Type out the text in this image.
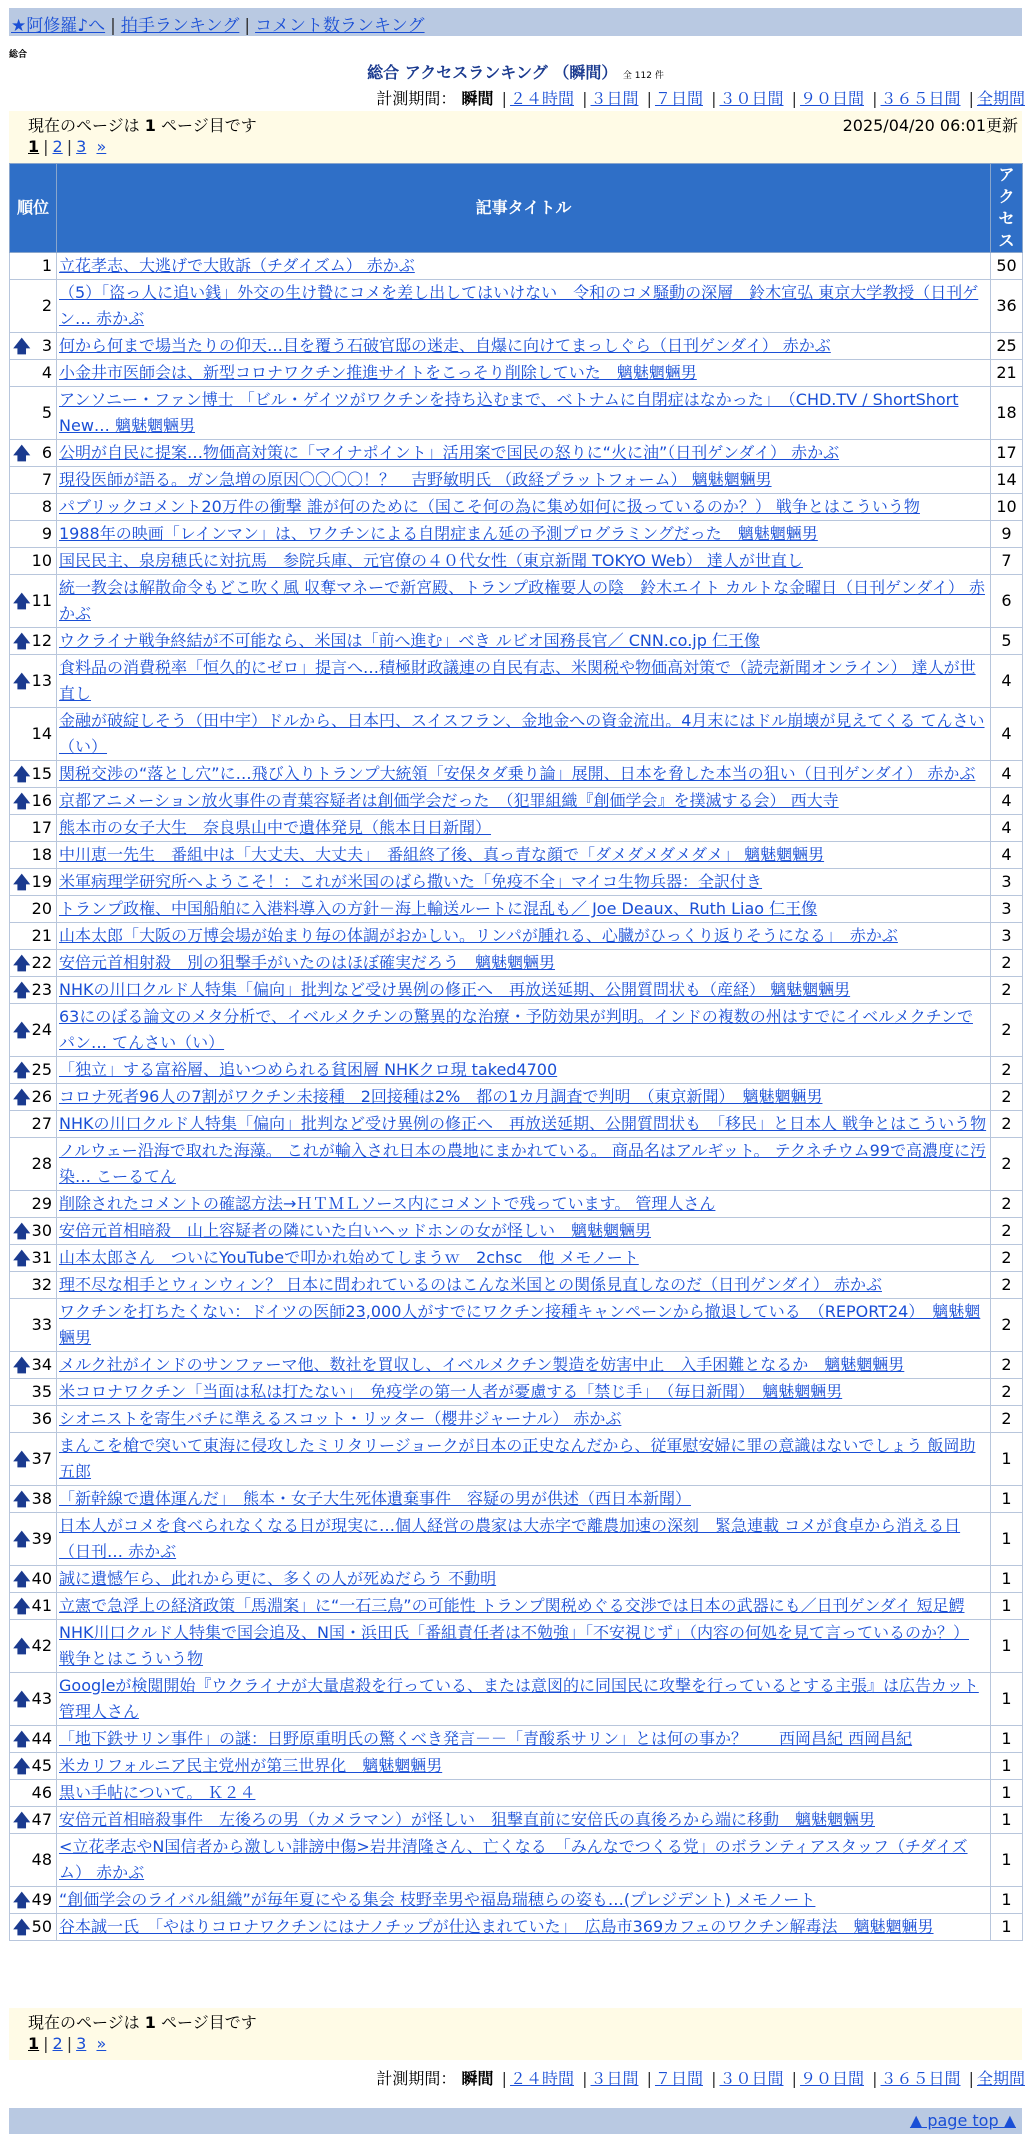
★阿修羅♪へ | 拍手ランキング | コメント数ランキング
総合
総合 アクセスランキング （瞬間） 全 112 件
計測期間： 瞬間 | ２４時間 | ３日間 | ７日間 | ３０日間 | ９０日間 | ３６５日間 | 全期間
現在のページは 1 ページ目です	2025/04/20 06:01更新
1 | 2 | 3 »
順位	記事タイトル	アクセス
1	立花孝志、大逃げで大敗訴（チダイズム） 赤かぶ	50
2	（5）「盗っ人に追い銭」外交の生け贄にコメを差し出してはいけない　令和のコメ騒動の深層　鈴木宣弘 東京大学教授（日刊ゲン… 赤かぶ	36

🡅 3	何から何まで場当たりの仰天…目を覆う石破官邸の迷走、自爆に向けてまっしぐら（日刊ゲンダイ） 赤かぶ	25
4	小金井市医師会は、新型コロナワクチン推進サイトをこっそり削除していた　魑魅魍魎男	21
5	アンソニー・ファン博士 「ビル・ゲイツがワクチンを持ち込むまで、ベトナムに自閉症はなかった」　（CHD.TV / ShortShort New… 魑魅魍魎男	18

🡅 6	公明が自民に提案…物価高対策に「マイナポイント」活用案で国民の怒りに“火に油”（日刊ゲンダイ） 赤かぶ	17
7	現役医師が語る。ガン急増の原因〇〇〇〇！？　吉野敏明氏 （政経プラットフォーム） 魑魅魍魎男	14
8	パブリックコメント20万件の衝撃 誰が何のために（国こそ何の為に集め如何に扱っているのか？） 戦争とはこういう物	10
9	1988年の映画「レインマン」は、ワクチンによる自閉症まん延の予測プログラミングだった　魑魅魍魎男	9
10	国民民主、泉房穂氏に対抗馬　参院兵庫、元官僚の４０代女性（東京新聞 TOKYO Web） 達人が世直し	7

🡅 11	統一教会は解散命令もどこ吹く風 収奪マネーで新宮殿、トランプ政権要人の陰　鈴木エイト カルトな金曜日（日刊ゲンダイ） 赤かぶ	6

🡅 12	ウクライナ戦争終結が不可能なら、米国は「前へ進む」べき ルビオ国務長官／ CNN.co.jp 仁王像	5

🡅 13	食料品の消費税率「恒久的にゼロ」提言へ…積極財政議連の自民有志、米関税や物価高対策で（読売新聞オンライン） 達人が世直し	4
14	金融が破綻しそう（田中宇）ドルから、日本円、スイスフラン、金地金への資金流出。4月末にはドル崩壊が見えてくる てんさい（い）	4

🡅 15	関税交渉の“落とし穴”に…飛び入りトランプ大統領「安保タダ乗り論」展開、日本を脅した本当の狙い（日刊ゲンダイ） 赤かぶ	4

🡅 16	京都アニメーション放火事件の青葉容疑者は創価学会だった　（犯罪組織『創価学会』を撲滅する会） 西大寺	4
17	熊本市の女子大生　奈良県山中で遺体発見（熊本日日新聞）	4
18	中川恵一先生　番組中は「大丈夫、大丈夫」　番組終了後、真っ青な顔で「ダメダメダメダメ」 魑魅魍魎男	4

🡅 19	米軍病理学研究所へようこそ！：これが米国のばら撒いた「免疫不全」マイコ生物兵器：全訳付き	3
20	トランプ政権、中国船舶に入港料導入の方針－海上輸送ルートに混乱も／ Joe Deaux、Ruth Liao 仁王像	3
21	山本太郎「大阪の万博会場が始まり毎の体調がおかしい。リンパが腫れる、心臓がひっくり返りそうになる」　赤かぶ	3

🡅 22	安倍元首相射殺　別の狙撃手がいたのはほぼ確実だろう　魑魅魍魎男	2

🡅 23	NHKの川口クルド人特集「偏向」批判など受け異例の修正へ　再放送延期、公開質問状も（産経） 魑魅魍魎男	2

🡅 24	63にのぼる論文のメタ分析で、イベルメクチンの驚異的な治療・予防効果が判明。インドの複数の州はすでにイベルメクチンでパン… てんさい（い）	2

🡅 25	「独立」する富裕層、追いつめられる貧困層 NHKクロ現 taked4700	2

🡅 26	コロナ死者96人の7割がワクチン未接種　2回接種は2%　都の1カ月調査で判明　（東京新聞）　魑魅魍魎男	2
27	NHKの川口クルド人特集「偏向」批判など受け異例の修正へ　再放送延期、公開質問状も　「移民」と日本人 戦争とはこういう物	2
28	ノルウェー沿海で取れた海藻。 これが輸入され日本の農地にまかれている。 商品名はアルギット。 テクネチウム99で高濃度に汚染… こーるてん	2
29	削除されたコメントの確認方法→ＨＴＭＬソース内にコメントで残っています。 管理人さん	2

🡅 30	安倍元首相暗殺　山上容疑者の隣にいた白いヘッドホンの女が怪しい　魑魅魍魎男	2

🡅 31	山本太郎さん　ついにYouTubeで叩かれ始めてしまうｗ　2chsc　他 メモノート	2
32	理不尽な相手とウィンウィン？ 日本に問われているのはこんな米国との関係見直しなのだ（日刊ゲンダイ） 赤かぶ	2
33	ワクチンを打ちたくない：ドイツの医師23,000人がすでにワクチン接種キャンペーンから撤退している　（REPORT24）　魑魅魍魎男	2

🡅 34	メルク社がインドのサンファーマ他、数社を買収し、イベルメクチン製造を妨害中止　入手困難となるか　魑魅魍魎男	2
35	米コロナワクチン「当面は私は打たない」　免疫学の第一人者が憂慮する「禁じ手」　（毎日新聞）　魑魅魍魎男	2
36	シオニストを寄生バチに準えるスコット・リッター（櫻井ジャーナル） 赤かぶ	2

🡅 37	まんこを槍で突いて東海に侵攻したミリタリージョークが日本の正史なんだから、従軍慰安婦に罪の意識はないでしょう 飯岡助五郎	1

🡅 38	「新幹線で遺体運んだ」　熊本・女子大生死体遺棄事件　容疑の男が供述（西日本新聞）	1

🡅 39	日本人がコメを食べられなくなる日が現実に…個人経営の農家は大赤字で離農加速の深刻　緊急連載 コメが食卓から消える日（日刊… 赤かぶ	1

🡅 40	誠に遺憾乍ら、此れから更に、多くの人が死ぬだらう 不動明	1

🡅 41	立憲で急浮上の経済政策「馬淵案」に“一石三鳥”の可能性 トランプ関税めぐる交渉では日本の武器にも／日刊ゲンダイ 短足鰐	1

🡅 42	NHK川口クルド人特集で国会追及、N国・浜田氏「番組責任者は不勉強」「不安視じず」（内容の何処を見て言っているのか？） 戦争とはこういう物	1

🡅 43	Googleが検閲開始『ウクライナが大量虐殺を行っている、または意図的に同国民に攻撃を行っているとする主張』は広告カット 管理人さん	1

🡅 44	「地下鉄サリン事件」の謎：日野原重明氏の驚くべき発言－－「青酸系サリン」とは何の事か？　　西岡昌紀 西岡昌紀	1

🡅 45	米カリフォルニア民主党州が第三世界化　魑魅魍魎男	1
46	黒い手帖について。 Ｋ２４	1

🡅 47	安倍元首相暗殺事件　左後ろの男（カメラマン）が怪しい　狙撃直前に安倍氏の真後ろから端に移動　魑魅魍魎男	1
48	<立花孝志やN国信者から激しい誹謗中傷>岩井清隆さん、亡くなる　「みんなでつくる党」のボランティアスタッフ（チダイズム） 赤かぶ	1

🡅 49	“創価学会のライバル組織”が毎年夏にやる集会 枝野幸男や福島瑞穂らの姿も…(プレジデント) メモノート	1

🡅 50	谷本誠一氏　「やはりコロナワクチンにはナノチップが仕込まれていた」　広島市369カフェのワクチン解毒法　魑魅魍魎男	1
現在のページは 1 ページ目です
1 | 2 | 3 »
計測期間： 瞬間 | ２４時間 | ３日間 | ７日間 | ３０日間 | ９０日間 | ３６５日間 | 全期間
▲ page top ▲
